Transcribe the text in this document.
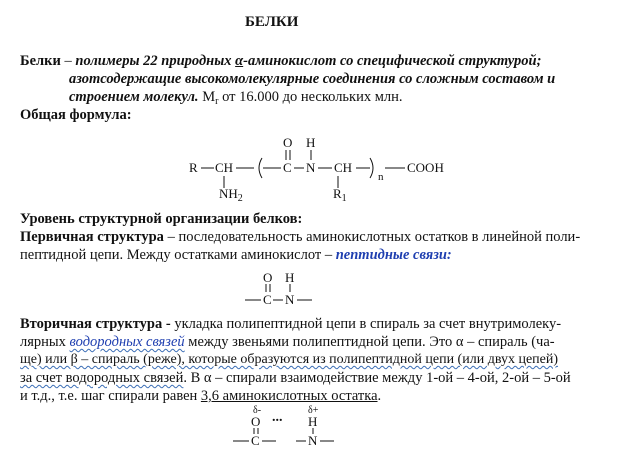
БЕЛКИ
Белки – полимеры 22 природных α-аминокислот со специфической структурой;
азотсодержащие высокомолекулярные соединения со сложным составом и
строением молекул. $M_r$ от 16.000 до нескольких млн.
Общая формула:
O H
R CH	C N CH
n
COOH
$NH_2$	$R_1$
Уровень структурной организации белков:
Первичная структура – последовательность аминокислотных остатков в линейной поли-
пептидной цепи. Между остатками аминокислот – пептидные связи:
O H
C N
Вторичная структура - укладка полипептидной цепи в спираль за счет внутримолеку-
лярных водородных связей между звеньями полипептидной цепи. Это α – спираль (ча-
ще) или β – спираль (реже), которые образуются из полипептидной цепи (или двух цепей)
за счет водородных связей. В α – спирали взаимодействие между 1-ой – 4-ой, 2-ой – 5-ой
и т.д., т.е. шаг спирали равен 3,6 аминокислотных остатка.
δ-	δ+
O	H
...
C	N
